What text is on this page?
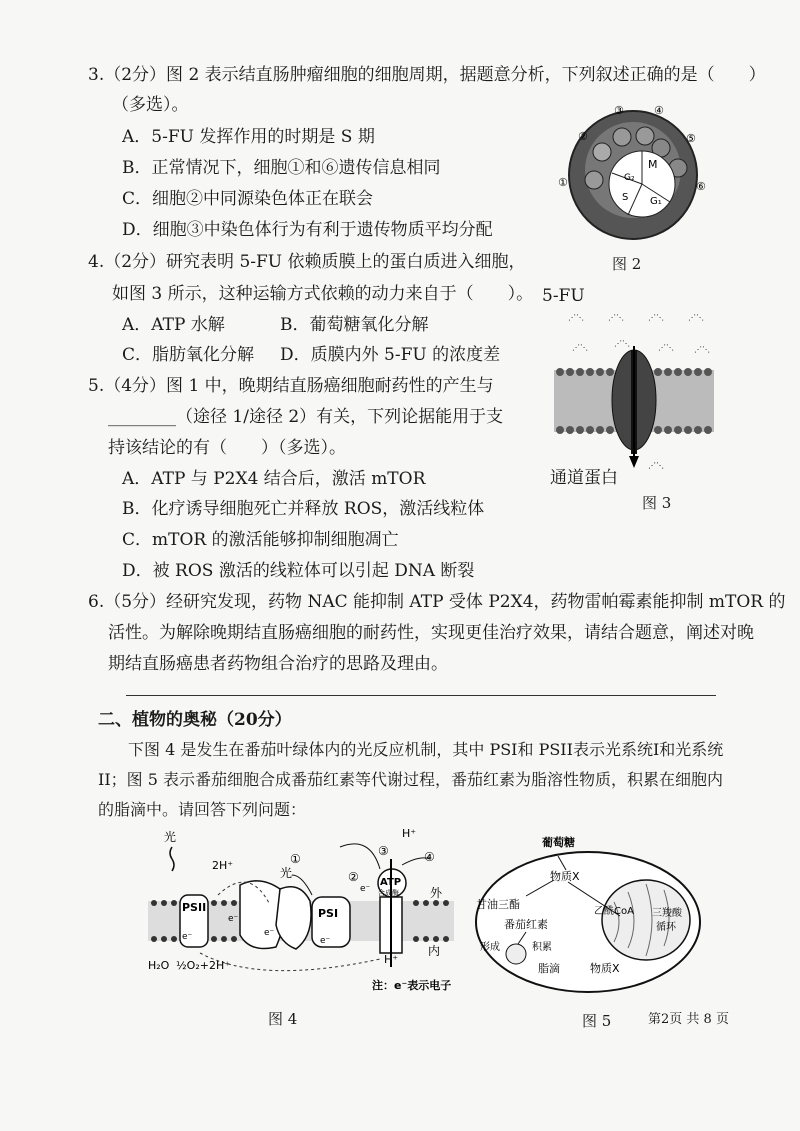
3.（2分）图 2 表示结直肠肿瘤细胞的细胞周期，据题意分析，下列叙述正确的是（　　）
（多选）。
A．5-FU 发挥作用的时期是 S 期
B．正常情况下，细胞①和⑥遗传信息相同
C．细胞②中同源染色体正在联会
D．细胞③中染色体行为有利于遗传物质平均分配
M
G₂
S G₁
①
②
③	④
⑤
⑥
图 2
4.（2分）研究表明 5-FU 依赖质膜上的蛋白质进入细胞，
如图 3 所示，这种运输方式依赖的动力来自于（　　）。
A．ATP 水解	B．葡萄糖氧化分解
C．脂肪氧化分解 D．质膜内外 5-FU 的浓度差
5-FU
⋰⋱	⋰⋱	⋰⋱	⋰⋱
⋰⋱	⋰⋱	⋰⋱	⋰⋱
⋰⋱
通道蛋白
图 3
5.（4分）图 1 中，晚期结直肠癌细胞耐药性的产生与
________（途径 1/途径 2）有关，下列论据能用于支
持该结论的有（　　）（多选）。
A．ATP 与 P2X4 结合后，激活 mTOR
B．化疗诱导细胞死亡并释放 ROS，激活线粒体
C．mTOR 的激活能够抑制细胞凋亡
D．被 ROS 激活的线粒体可以引起 DNA 断裂
6.（5分）经研究发现，药物 NAC 能抑制 ATP 受体 P2X4，药物雷帕霉素能抑制 mTOR 的
活性。为解除晚期结直肠癌细胞的耐药性，实现更佳治疗效果，请结合题意，阐述对晚
期结直肠癌患者药物组合治疗的思路及理由。
二、植物的奥秘（20分）
下图 4 是发生在番茄叶绿体内的光反应机制，其中 PSI和 PSII表示光系统I和光系统
II；图 5 表示番茄细胞合成番茄红素等代谢过程，番茄红素为脂溶性物质，积累在细胞内
的脂滴中。请回答下列问题：
光
光
PSII	PSI
2H⁺
H⁺
H⁺
ATP
合成酶	外
内
H₂O ½O₂+2H⁺
①
②
③	④
e⁻
e⁻
e⁻
e⁻
e⁻
注：e⁻表示电子
图 4
葡萄糖
物质X
物质X
甘油三酯
番茄红素
形成	积累
脂滴
乙酰CoA 三羧酸
循环
图 5	第2页 共 8 页
